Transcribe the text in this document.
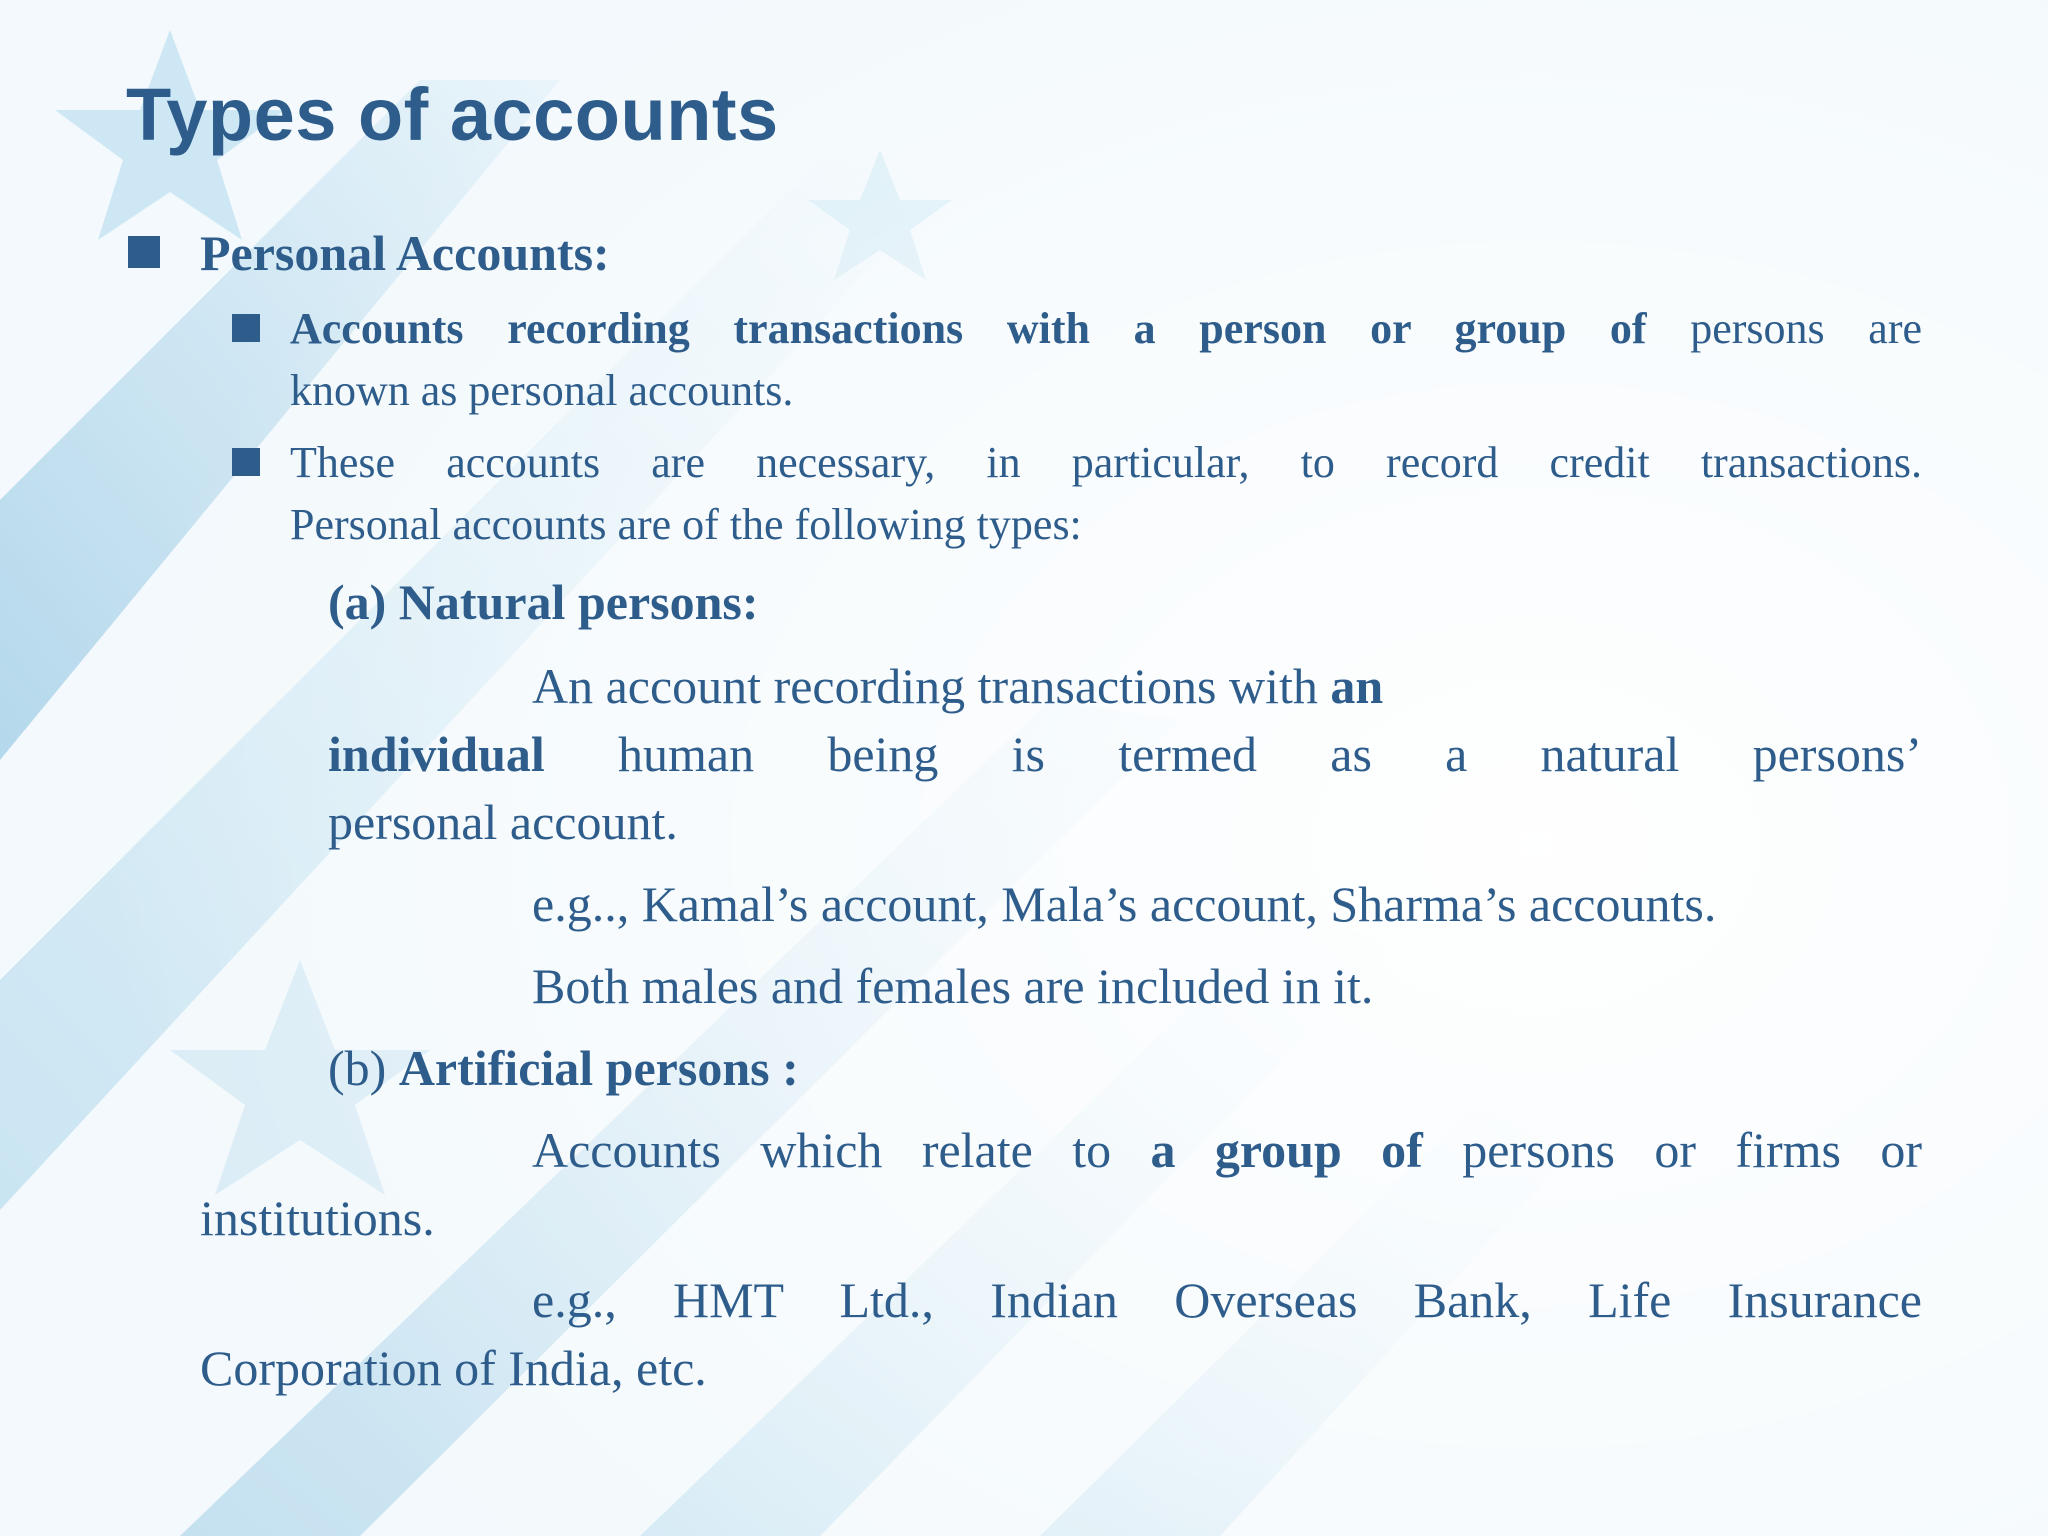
Types of accounts
Personal Accounts:
Accounts recording transactions with a person or group of persons are
known as personal accounts.
These accounts are necessary, in particular, to record credit transactions.
Personal accounts are of the following types:
(a) Natural persons:
An account recording transactions with an
individual human being is termed as a natural persons’
personal account.
e.g.., Kamal’s account, Mala’s account, Sharma’s accounts.
Both males and females are included in it.
(b) Artificial persons :
Accounts which relate to a group of persons or firms or
institutions.
e.g., HMT Ltd., Indian Overseas Bank, Life Insurance
Corporation of India, etc.
